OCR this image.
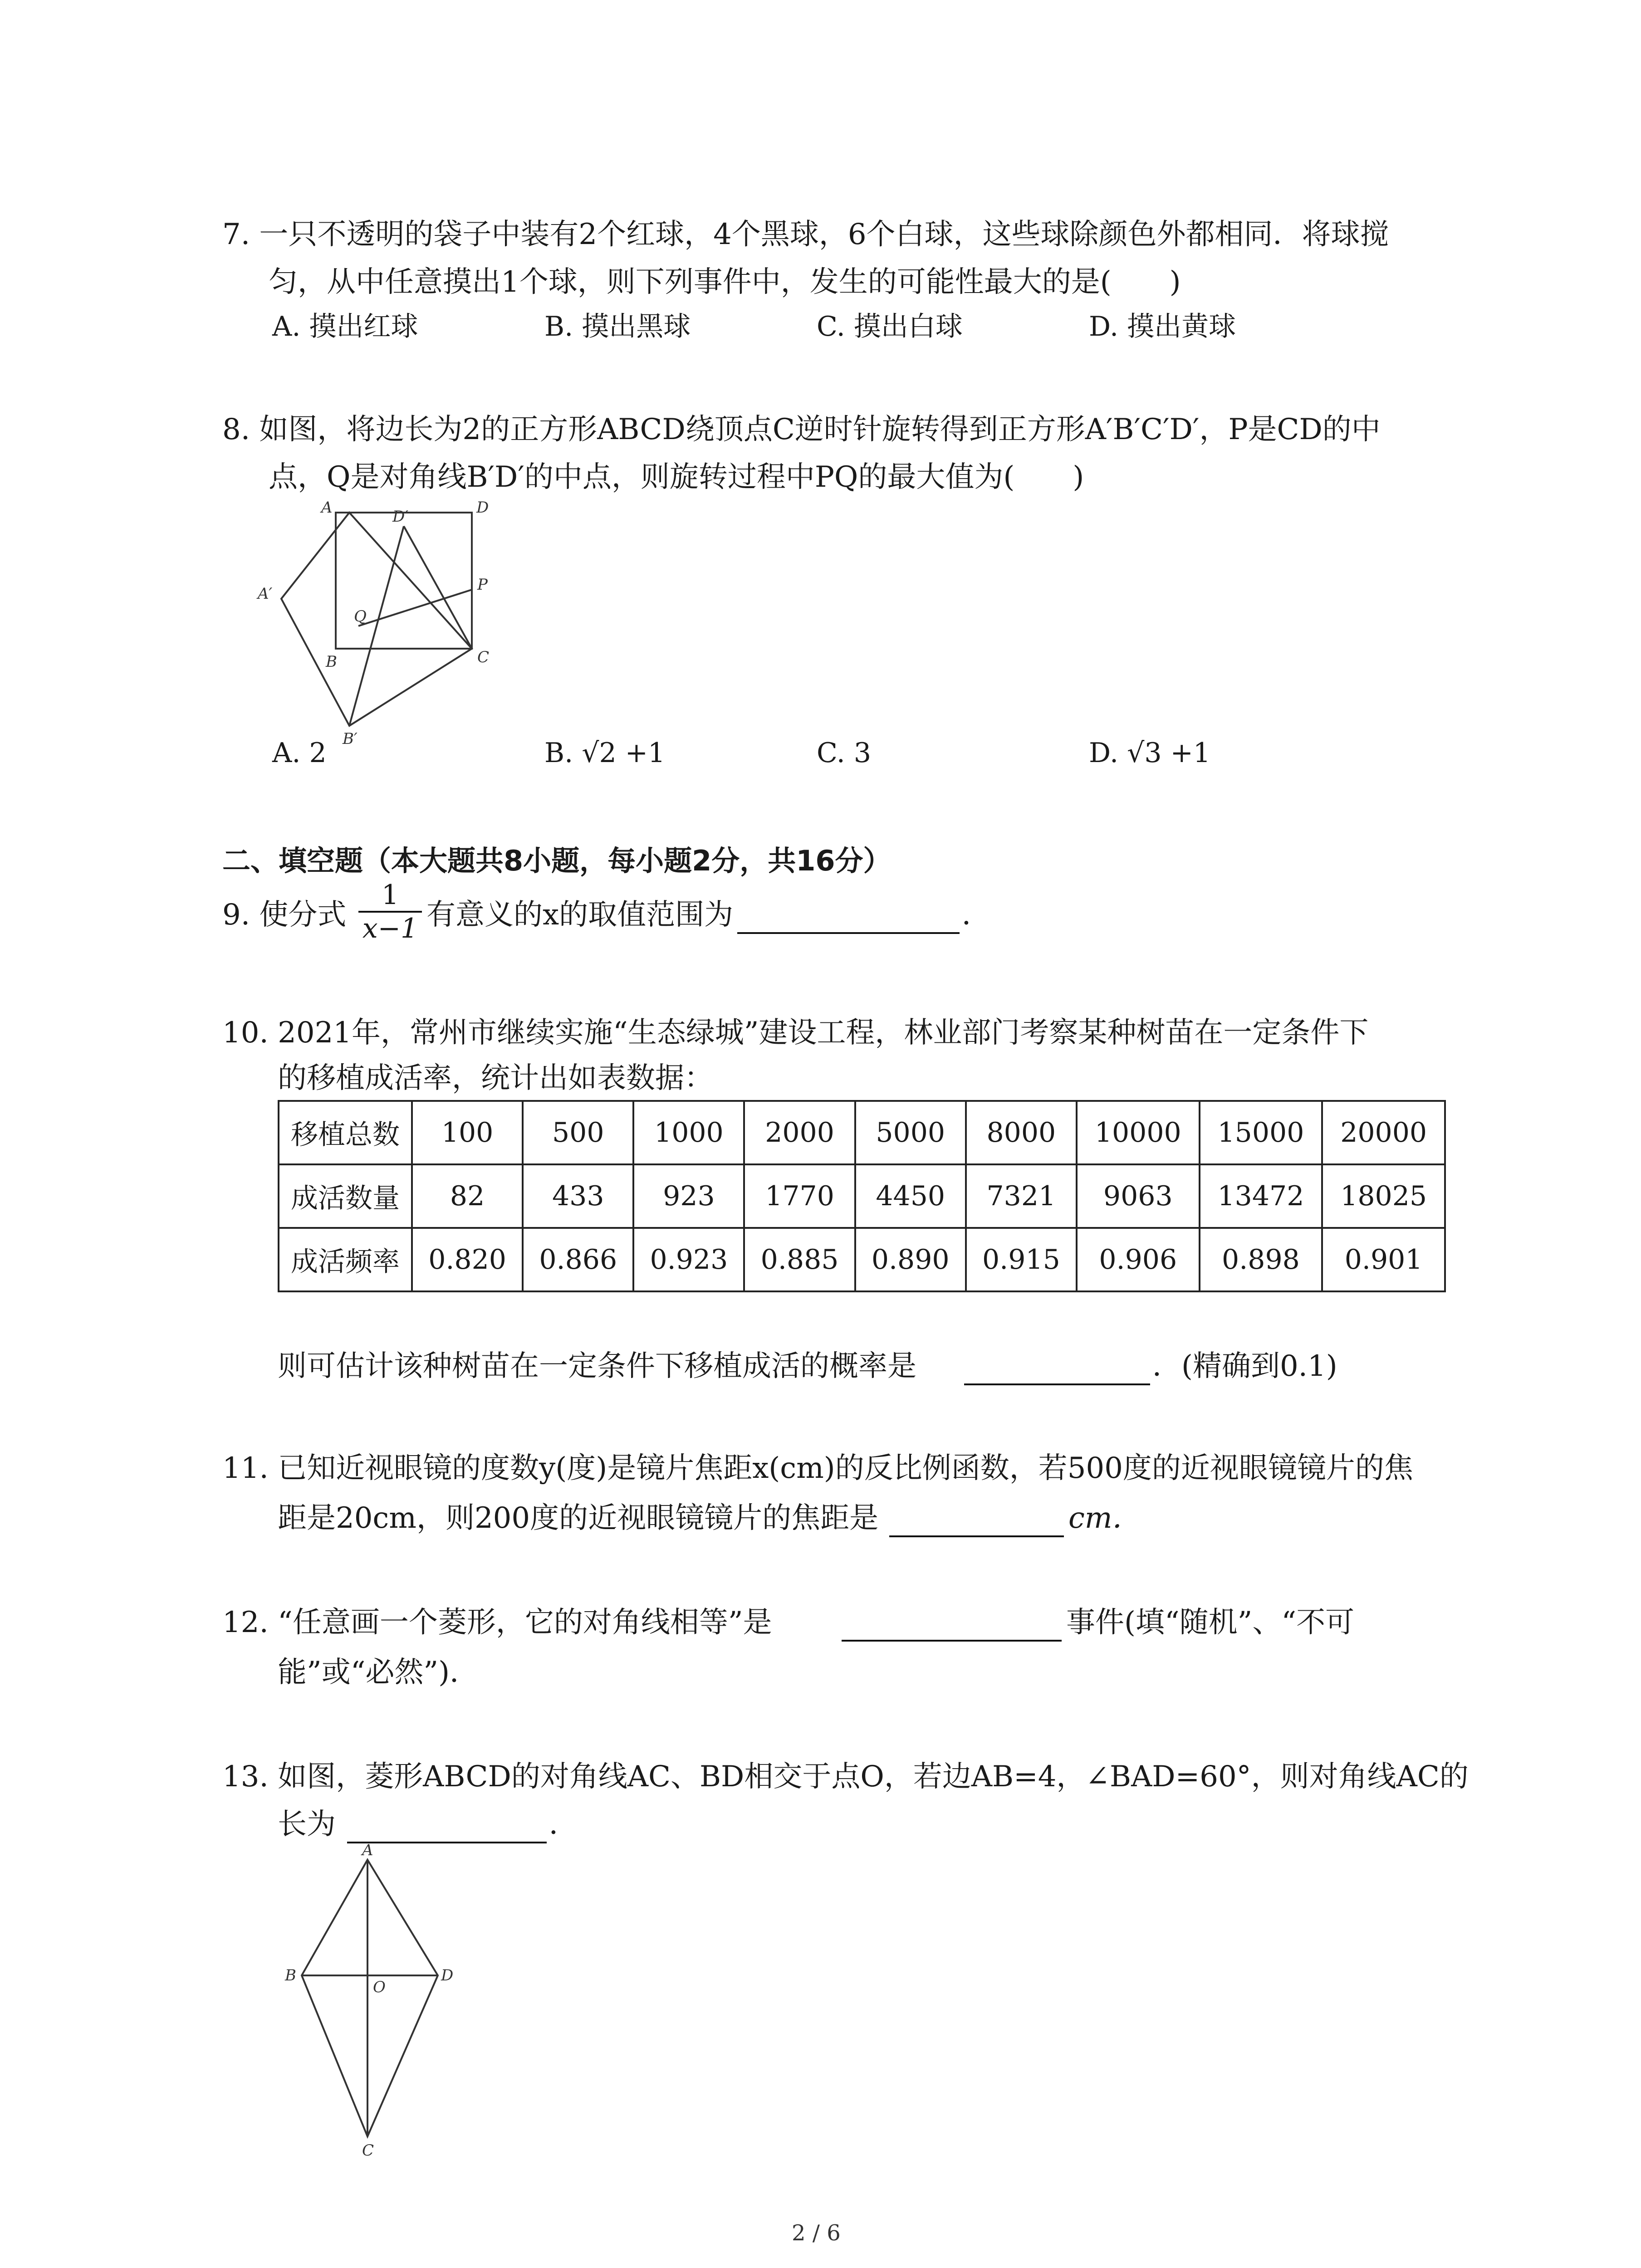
7. 一只不透明的袋子中装有2个红球，4个黑球，6个白球，这些球除颜色外都相同．将球搅
匀，从中任意摸出1个球，则下列事件中，发生的可能性最大的是(　　)
A. 摸出红球	B. 摸出黑球	C. 摸出白球	D. 摸出黄球
8. 如图，将边长为2的正方形ABCD绕顶点C逆时针旋转得到正方形A′B′C′D′，P是CD的中
点，Q是对角线B′D′的中点，则旋转过程中PQ的最大值为(　　)
A	D
D′
A′	P
Q
B	C
B′
A. 2	B. √2 +1	C. 3	D. √3 +1
二、填空题（本大题共8小题，每小题2分，共16分）
9. 使分式
1
x−1 有意义的x的取值范围为	．
10. 2021年，常州市继续实施“生态绿城”建设工程，林业部门考察某种树苗在一定条件下
的移植成活率，统计出如表数据：
移植总数	100	500	1000	2000	5000	8000	10000	15000	20000
成活数量	82	433	923	1770	4450	7321	9063	13472	18025
成活频率	0.820	0.866	0.923	0.885	0.890	0.915	0.906	0.898	0.901
则可估计该种树苗在一定条件下移植成活的概率是	．(精确到0.1)
11. 已知近视眼镜的度数y(度)是镜片焦距x(cm)的反比例函数，若500度的近视眼镜镜片的焦
距是20cm，则200度的近视眼镜镜片的焦距是	cm．
12. “任意画一个菱形，它的对角线相等”是	事件(填“随机”、“不可
能”或“必然”)．
13. 如图，菱形ABCD的对角线AC、BD相交于点O，若边AB=4，∠BAD=60°，则对角线AC的
长为	．
A
B
O
D
C
2 / 6
